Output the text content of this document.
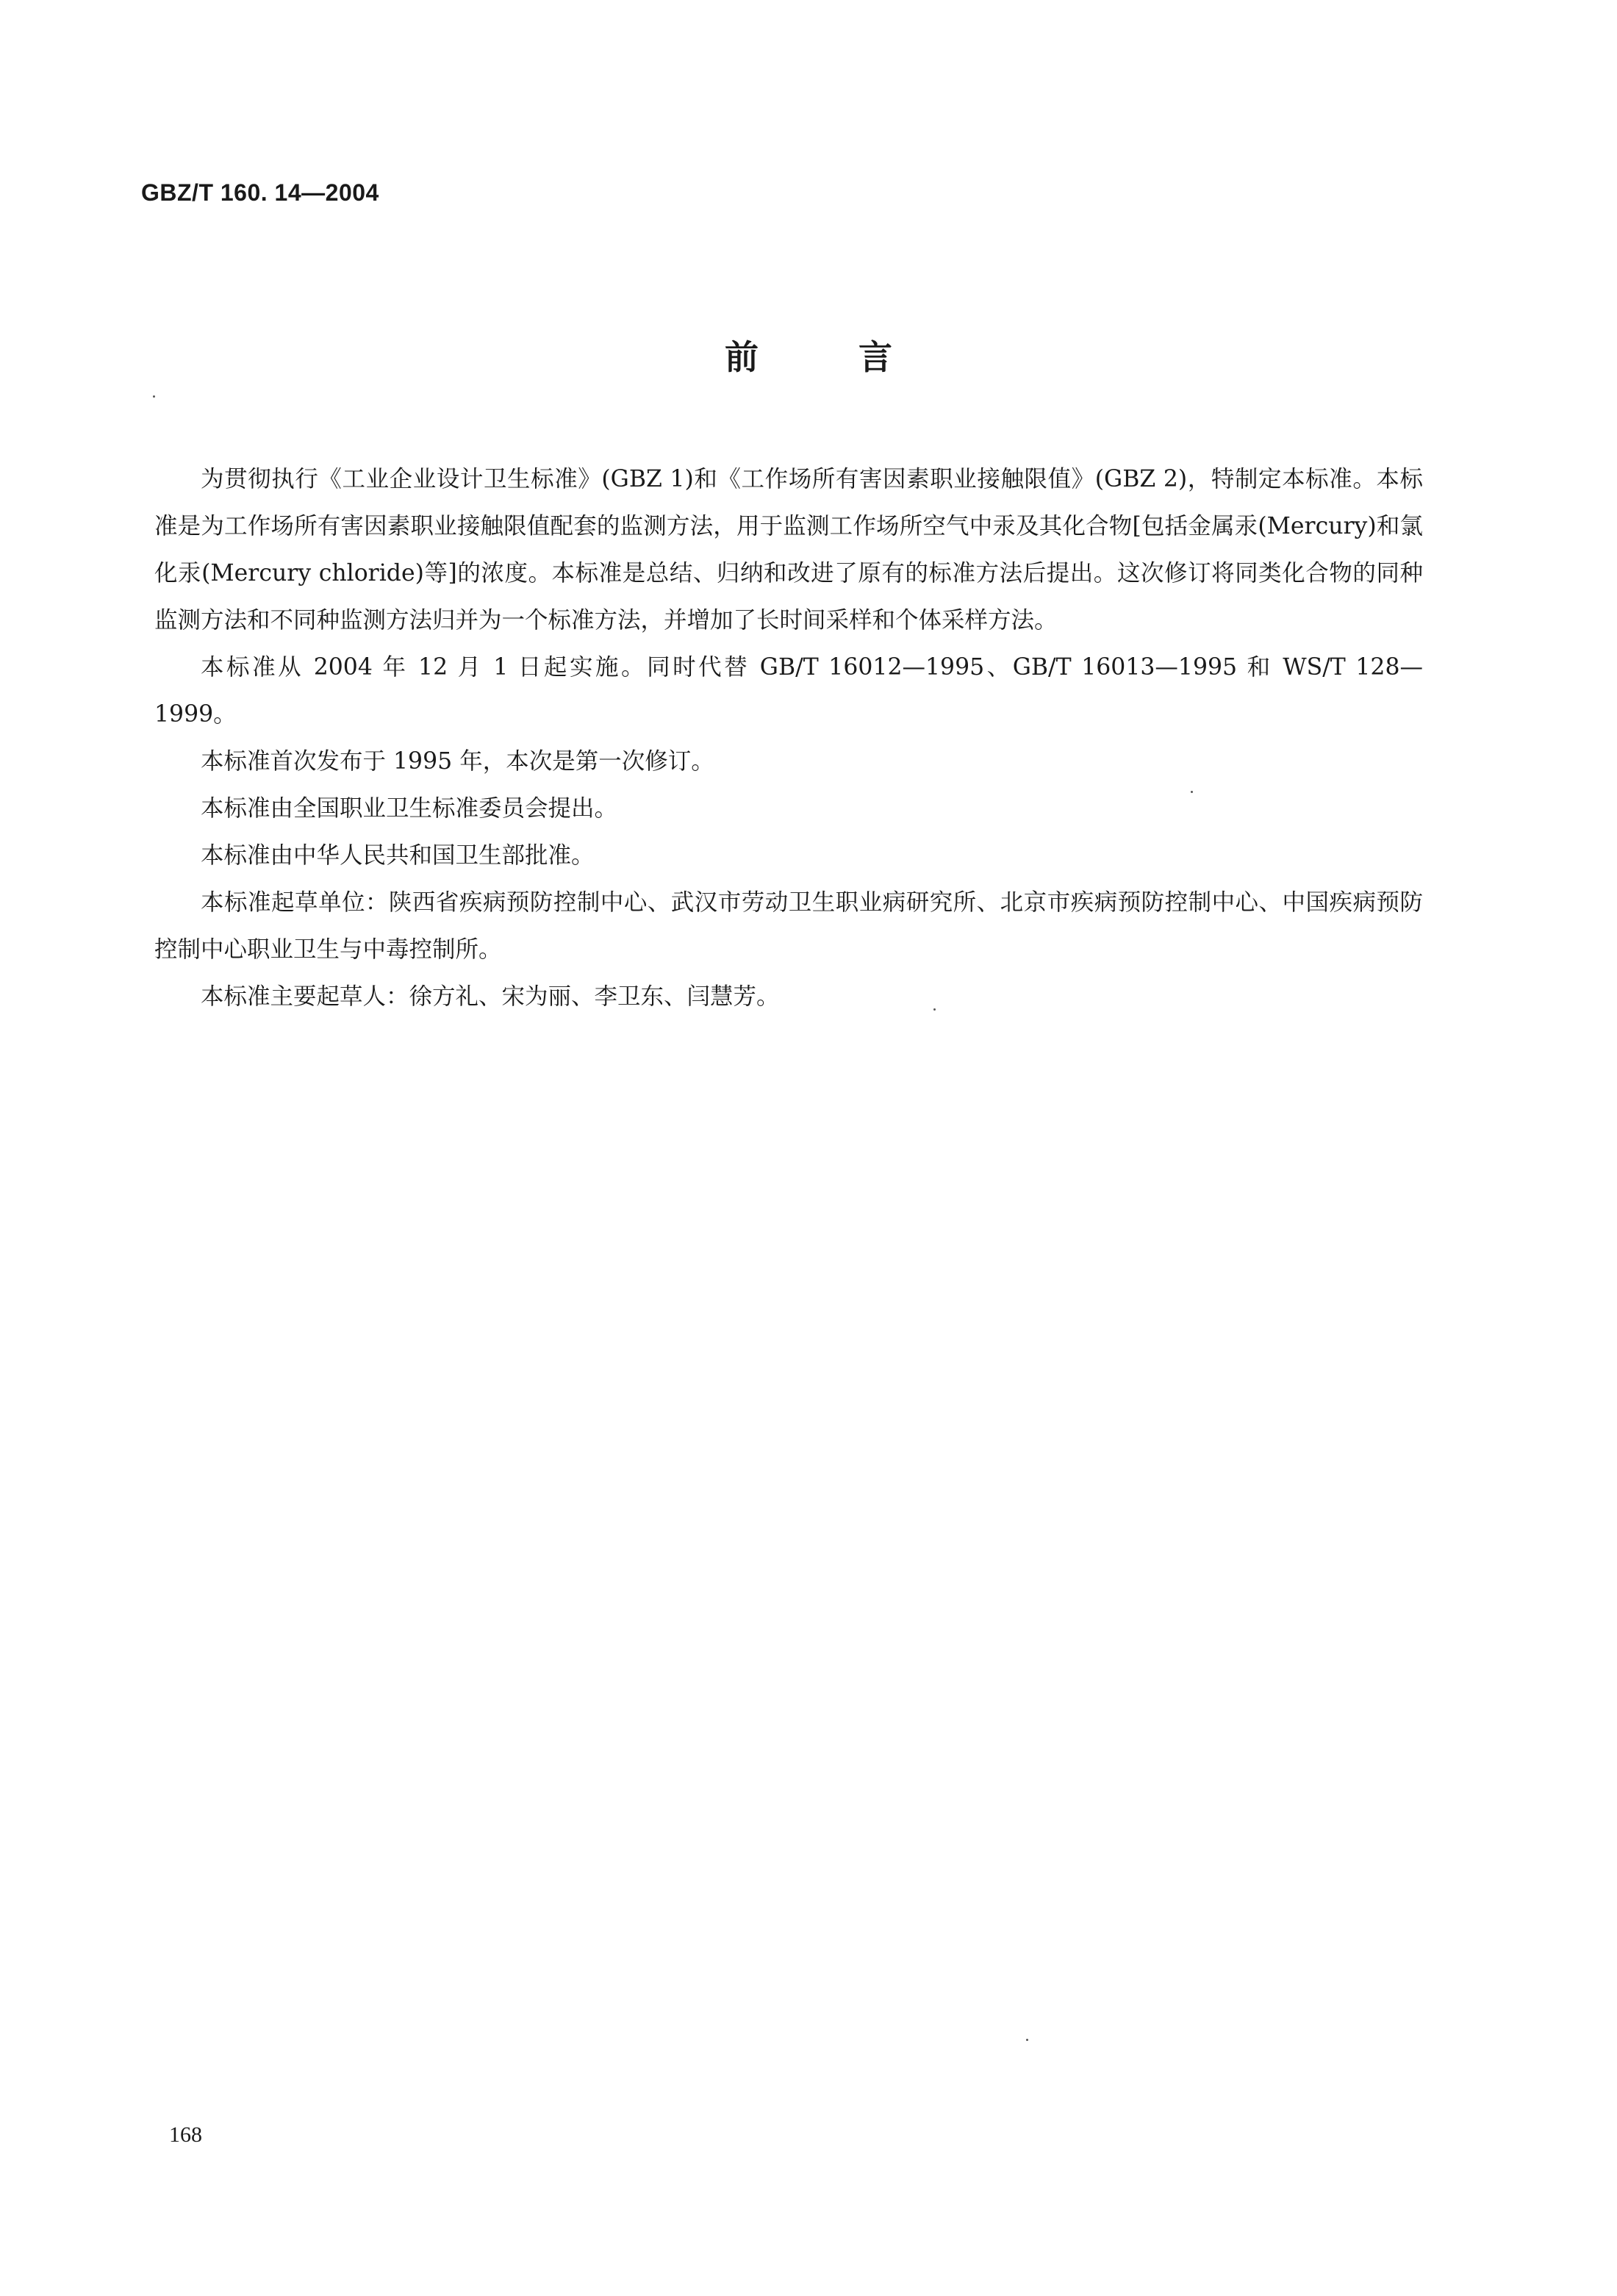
GBZ/T 160. 14—2004
前 言

为贯彻执行《工业企业设计卫生标准》(GBZ 1)和《工作场所有害因素职业接触限值》(GBZ 2)，特制定本标准。本标准是为工作场所有害因素职业接触限值配套的监测方法，用于监测工作场所空气中汞及其化合物[包括金属汞(Mercury)和氯化汞(Mercury chloride)等]的浓度。本标准是总结、归纳和改进了原有的标准方法后提出。这次修订将同类化合物的同种监测方法和不同种监测方法归并为一个标准方法，并增加了长时间采样和个体采样方法。

本标准从 2004 年 12 月 1 日起实施。同时代替 GB/T 16012—1995、GB/T 16013—1995 和 WS/T 128—1999。

本标准首次发布于 1995 年，本次是第一次修订。

本标准由全国职业卫生标准委员会提出。

本标准由中华人民共和国卫生部批准。

本标准起草单位：陕西省疾病预防控制中心、武汉市劳动卫生职业病研究所、北京市疾病预防控制中心、中国疾病预防控制中心职业卫生与中毒控制所。

本标准主要起草人：徐方礼、宋为丽、李卫东、闫慧芳。

168
